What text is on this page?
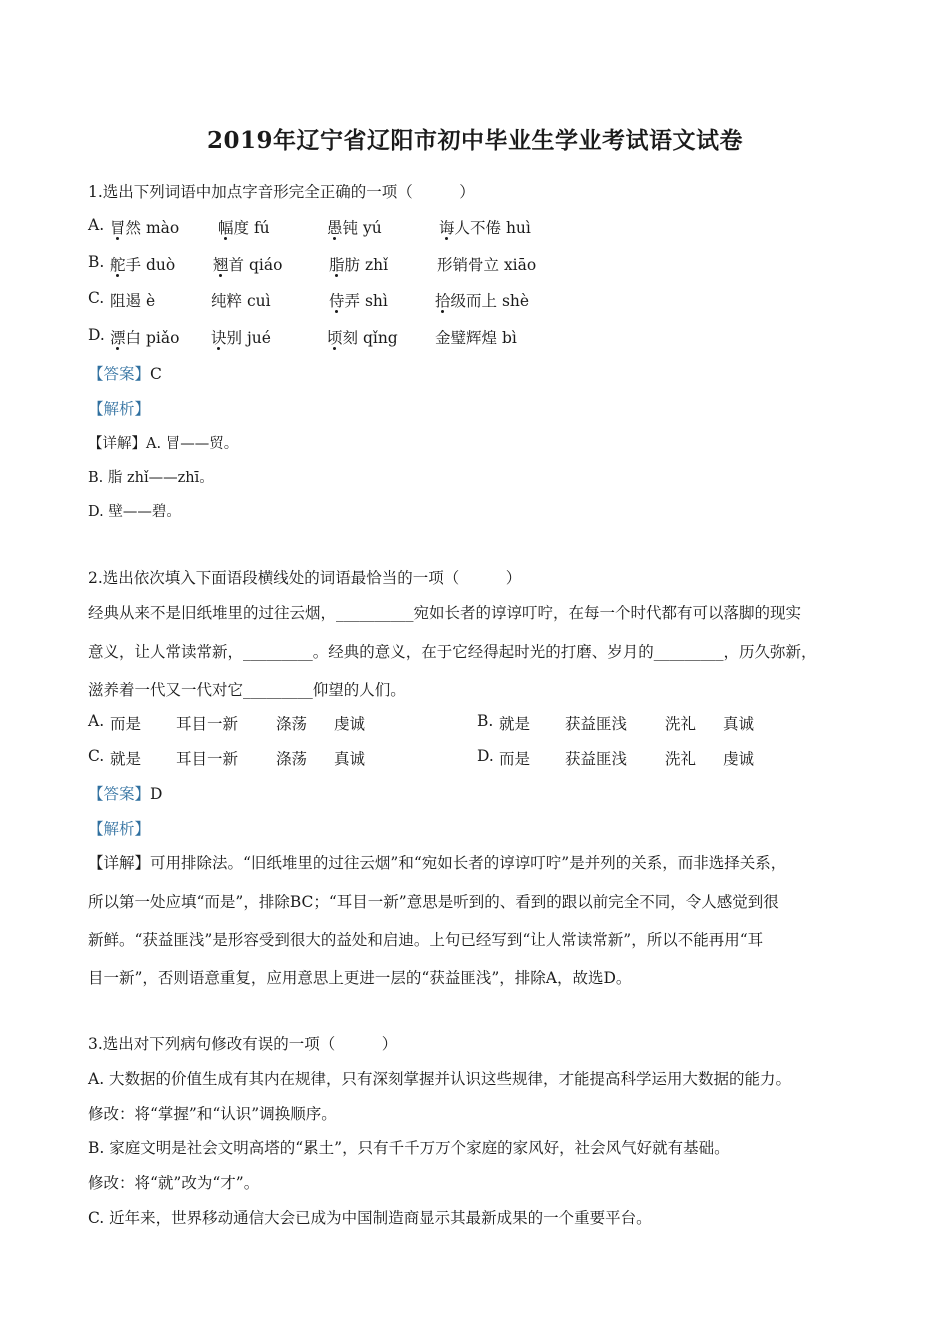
2019年辽宁省辽阳市初中毕业生学业考试语文试卷
1.选出下列词语中加点字音形完全正确的一项（　　　）
A. 冒然 mào	幅度 fú	愚钝 yú	诲人不倦 huì
B. 舵手 duò 翘首 qiáo	脂肪 zhǐ	形销骨立 xiāo
C. 阻遏 è	纯粹 cuì	侍弄 shì	拾级而上 shè
D. 漂白 piǎo 诀别 jué	顷刻 qǐng 金璧辉煌 bì
【答案】C
【解析】
【详解】A. 冒——贸。
B. 脂 zhǐ——zhī。
D. 壁——碧。
2.选出依次填入下面语段横线处的词语最恰当的一项（　　　）
经典从来不是旧纸堆里的过往云烟，__________宛如长者的谆谆叮咛，在每一个时代都有可以落脚的现实
意义，让人常读常新，_________。经典的意义，在于它经得起时光的打磨、岁月的_________，历久弥新，
滋养着一代又一代对它_________仰望的人们。
A. 而是 耳目一新 涤荡 虔诚	B. 就是 获益匪浅 洗礼 真诚
C. 就是 耳目一新 涤荡 真诚	D. 而是 获益匪浅 洗礼 虔诚
【答案】D
【解析】
【详解】可用排除法。“旧纸堆里的过往云烟”和“宛如长者的谆谆叮咛”是并列的关系，而非选择关系，
所以第一处应填“而是”，排除BC；“耳目一新”意思是听到的、看到的跟以前完全不同，令人感觉到很
新鲜。“获益匪浅”是形容受到很大的益处和启迪。上句已经写到“让人常读常新”，所以不能再用“耳
目一新”，否则语意重复，应用意思上更进一层的“获益匪浅”，排除A，故选D。
3.选出对下列病句修改有误的一项（　　　）
A. 大数据的价值生成有其内在规律，只有深刻掌握并认识这些规律，才能提高科学运用大数据的能力。
修改：将“掌握”和“认识”调换顺序。
B. 家庭文明是社会文明高塔的“累土”，只有千千万万个家庭的家风好，社会风气好就有基础。
修改：将“就”改为“才”。
C. 近年来，世界移动通信大会已成为中国制造商显示其最新成果的一个重要平台。
